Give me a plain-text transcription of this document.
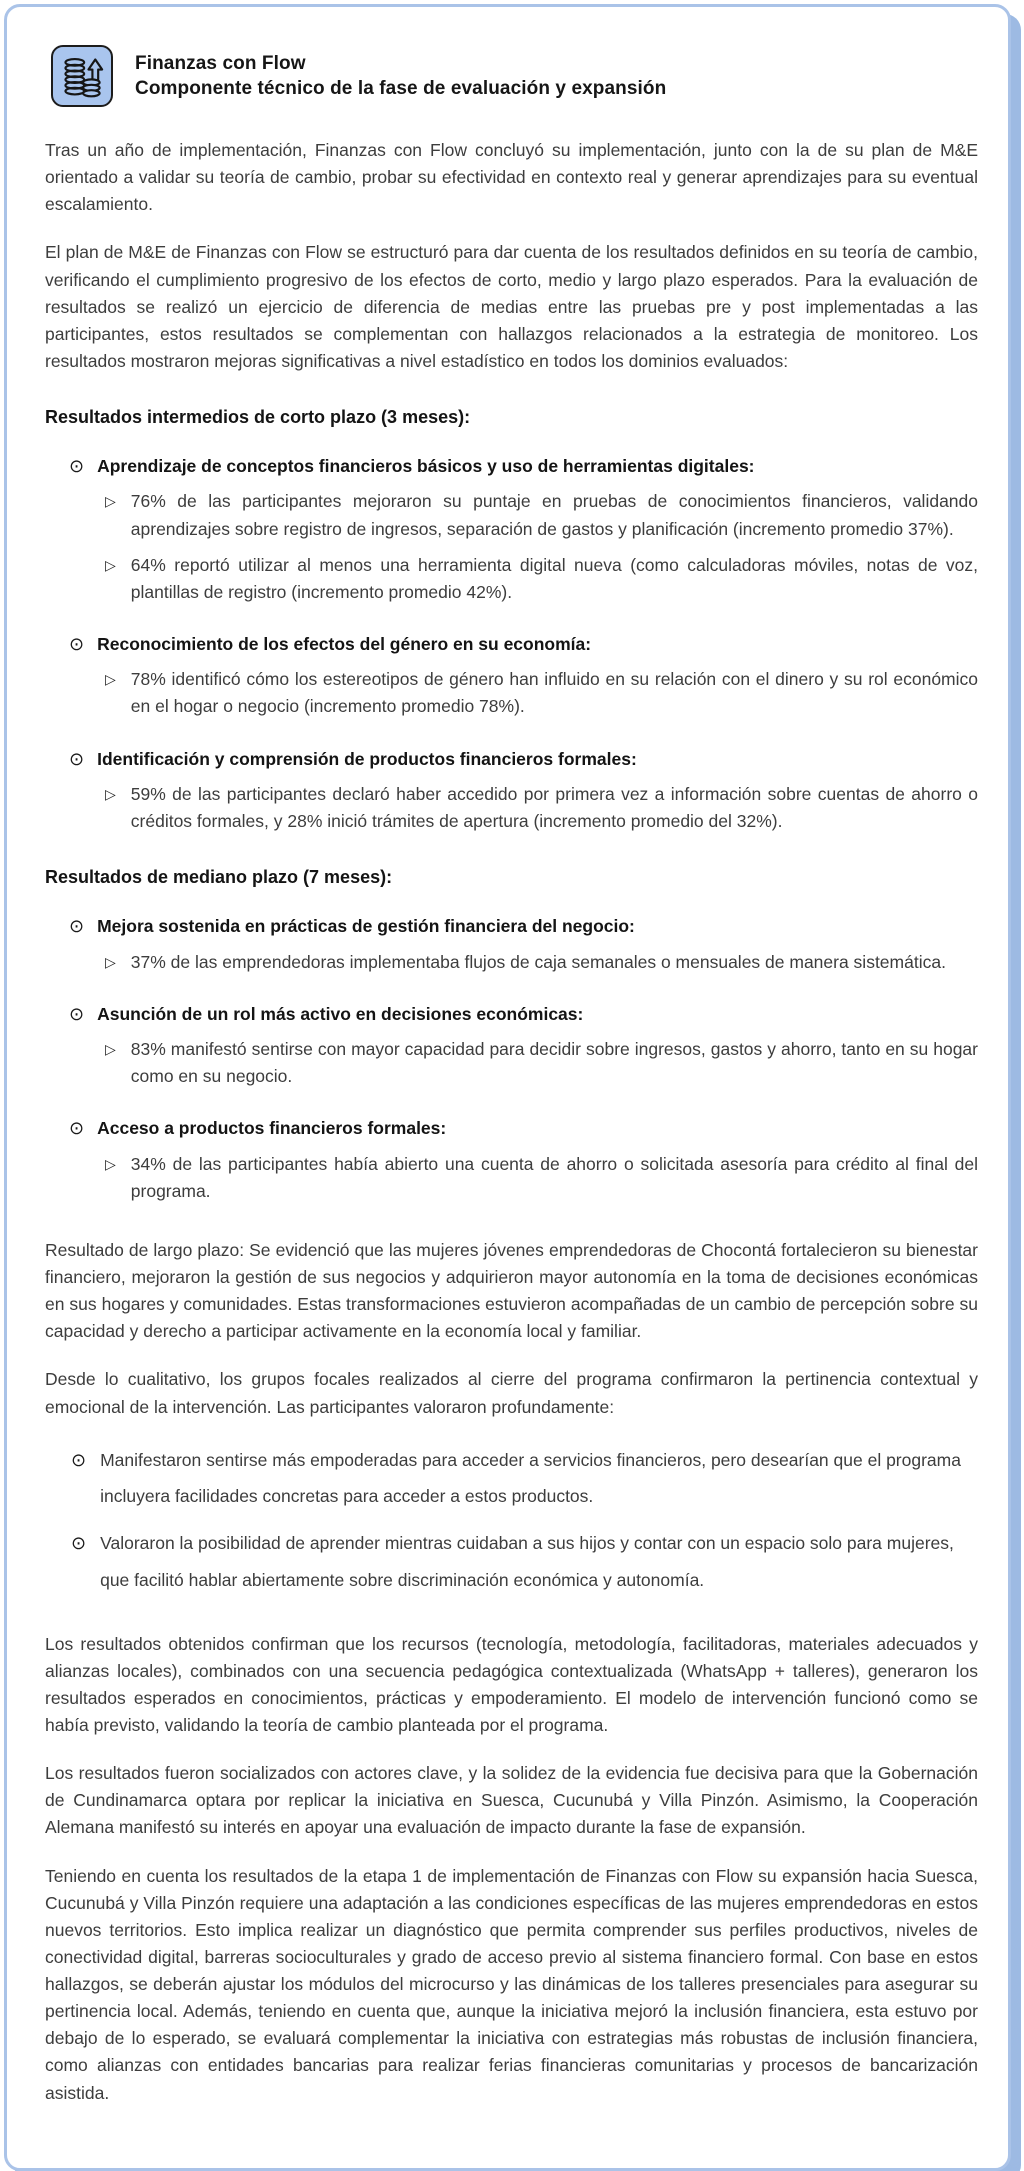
Finanzas con Flow
Componente técnico de la fase de evaluación y expansión

Tras un año de implementación, Finanzas con Flow concluyó su implementación, junto con la de su plan de M&E orientado a validar su teoría de cambio, probar su efectividad en contexto real y generar aprendizajes para su eventual escalamiento.

El plan de M&E de Finanzas con Flow se estructuró para dar cuenta de los resultados definidos en su teoría de cambio, verificando el cumplimiento progresivo de los efectos de corto, medio y largo plazo esperados. Para la evaluación de resultados se realizó un ejercicio de diferencia de medias entre las pruebas pre y post implementadas a las participantes, estos resultados se complementan con hallazgos relacionados a la estrategia de monitoreo. Los resultados mostraron mejoras significativas a nivel estadístico en todos los dominios evaluados:

Resultados intermedios de corto plazo (3 meses):
⊙ Aprendizaje de conceptos financieros básicos y uso de herramientas digitales:
▷ 76% de las participantes mejoraron su puntaje en pruebas de conocimientos financieros, validando aprendizajes sobre registro de ingresos, separación de gastos y planificación (incremento promedio 37%).

▷ 64% reportó utilizar al menos una herramienta digital nueva (como calculadoras móviles, notas de voz, plantillas de registro (incremento promedio 42%).

⊙ Reconocimiento de los efectos del género en su economía:
▷ 78% identificó cómo los estereotipos de género han influido en su relación con el dinero y su rol económico en el hogar o negocio (incremento promedio 78%).

⊙ Identificación y comprensión de productos financieros formales:
▷ 59% de las participantes declaró haber accedido por primera vez a información sobre cuentas de ahorro o créditos formales, y 28% inició trámites de apertura (incremento promedio del 32%).

Resultados de mediano plazo (7 meses):
⊙ Mejora sostenida en prácticas de gestión financiera del negocio:
▷ 37% de las emprendedoras implementaba flujos de caja semanales o mensuales de manera sistemática.

⊙ Asunción de un rol más activo en decisiones económicas:
▷ 83% manifestó sentirse con mayor capacidad para decidir sobre ingresos, gastos y ahorro, tanto en su hogar como en su negocio.

⊙ Acceso a productos financieros formales:
▷ 34% de las participantes había abierto una cuenta de ahorro o solicitada asesoría para crédito al final del programa.

Resultado de largo plazo: Se evidenció que las mujeres jóvenes emprendedoras de Chocontá fortalecieron su bienestar financiero, mejoraron la gestión de sus negocios y adquirieron mayor autonomía en la toma de decisiones económicas en sus hogares y comunidades. Estas transformaciones estuvieron acompañadas de un cambio de percepción sobre su capacidad y derecho a participar activamente en la economía local y familiar.

Desde lo cualitativo, los grupos focales realizados al cierre del programa confirmaron la pertinencia contextual y emocional de la intervención. Las participantes valoraron profundamente:

⊙ Manifestaron sentirse más empoderadas para acceder a servicios financieros, pero desearían que el programa incluyera facilidades concretas para acceder a estos productos.

⊙ Valoraron la posibilidad de aprender mientras cuidaban a sus hijos y contar con un espacio solo para mujeres, que facilitó hablar abiertamente sobre discriminación económica y autonomía.

Los resultados obtenidos confirman que los recursos (tecnología, metodología, facilitadoras, materiales adecuados y alianzas locales), combinados con una secuencia pedagógica contextualizada (WhatsApp + talleres), generaron los resultados esperados en conocimientos, prácticas y empoderamiento. El modelo de intervención funcionó como se había previsto, validando la teoría de cambio planteada por el programa.

Los resultados fueron socializados con actores clave, y la solidez de la evidencia fue decisiva para que la Gobernación de Cundinamarca optara por replicar la iniciativa en Suesca, Cucunubá y Villa Pinzón. Asimismo, la Cooperación Alemana manifestó su interés en apoyar una evaluación de impacto durante la fase de expansión.

Teniendo en cuenta los resultados de la etapa 1 de implementación de Finanzas con Flow su expansión hacia Suesca, Cucunubá y Villa Pinzón requiere una adaptación a las condiciones específicas de las mujeres emprendedoras en estos nuevos territorios. Esto implica realizar un diagnóstico que permita comprender sus perfiles productivos, niveles de conectividad digital, barreras socioculturales y grado de acceso previo al sistema financiero formal. Con base en estos hallazgos, se deberán ajustar los módulos del microcurso y las dinámicas de los talleres presenciales para asegurar su pertinencia local. Además, teniendo en cuenta que, aunque la iniciativa mejoró la inclusión financiera, esta estuvo por debajo de lo esperado, se evaluará complementar la iniciativa con estrategias más robustas de inclusión financiera, como alianzas con entidades bancarias para realizar ferias financieras comunitarias y procesos de bancarización asistida.
